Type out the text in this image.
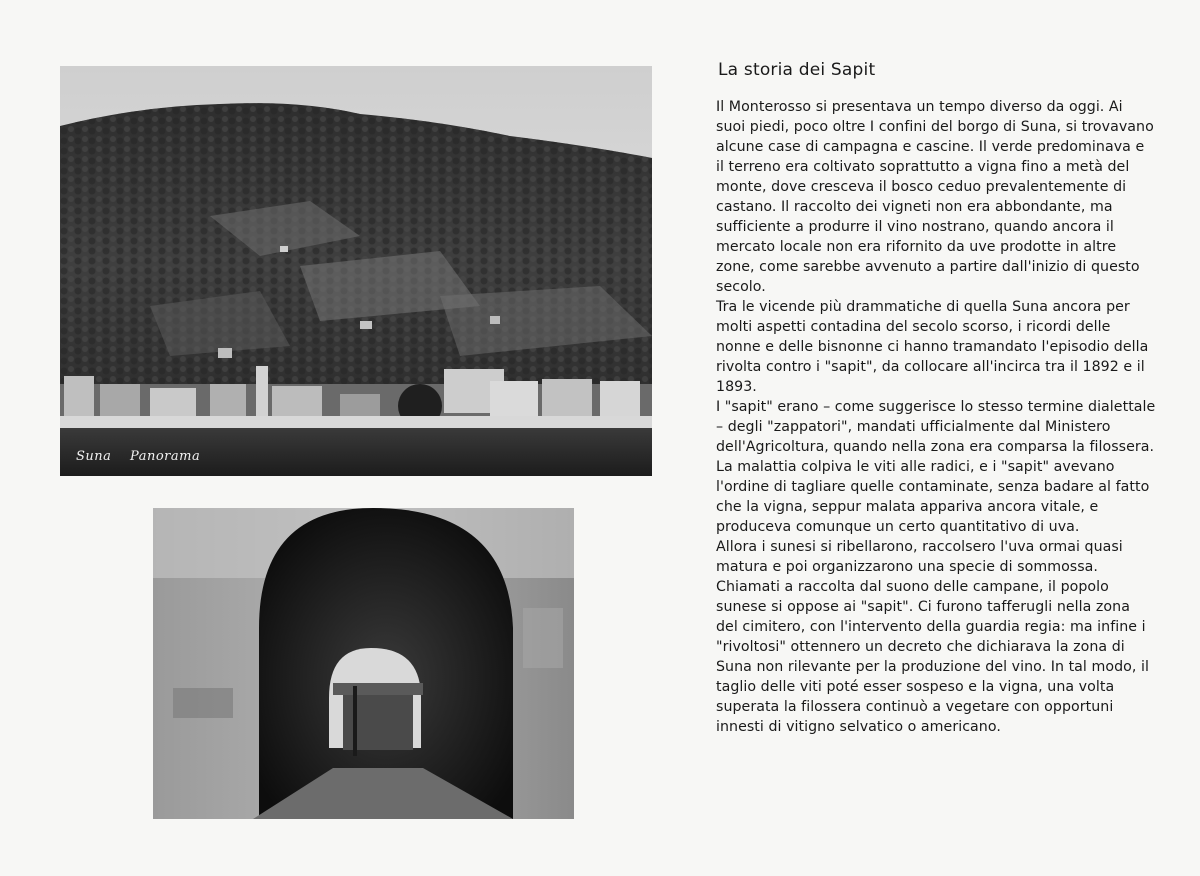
Suna Panorama
La storia dei Sapit

Il Monterosso si presentava un tempo diverso da oggi. Ai suoi piedi, poco oltre I confini del borgo di Suna, si trovavano alcune case di campagna e cascine. Il verde predominava e il terreno era coltivato soprattutto a vigna fino a metà del monte, dove cresceva il bosco ceduo prevalentemente di castano. Il raccolto dei vigneti non era abbondante, ma sufficiente a produrre il vino nostrano, quando ancora il mercato locale non era rifornito da uve prodotte in altre zone, come sarebbe avvenuto a partire dall'inizio di questo secolo.

Tra le vicende più drammatiche di quella Suna ancora per molti aspetti contadina del secolo scorso, i ricordi delle nonne e delle bisnonne ci hanno tramandato l'episodio della rivolta contro i "sapit", da collocare all'incirca tra il 1892 e il 1893.

I "sapit" erano – come suggerisce lo stesso termine dialettale – degli "zappatori", mandati ufficialmente dal Ministero dell'Agricoltura, quando nella zona era comparsa la filossera. La malattia colpiva le viti alle radici, e i "sapit" avevano l'ordine di tagliare quelle contaminate, senza badare al fatto che la vigna, seppur malata appariva ancora vitale, e produceva comunque un certo quantitativo di uva.

Allora i sunesi si ribellarono, raccolsero l'uva ormai quasi matura e poi organizzarono una specie di sommossa. Chiamati a raccolta dal suono delle campane, il popolo sunese si oppose ai "sapit". Ci furono tafferugli nella zona del cimitero, con l'intervento della guardia regia: ma infine i "rivoltosi" ottennero un decreto che dichiarava la zona di Suna non rilevante per la produzione del vino. In tal modo, il taglio delle viti poté esser sospeso e la vigna, una volta superata la filossera continuò a vegetare con opportuni innesti di vitigno selvatico o americano.
